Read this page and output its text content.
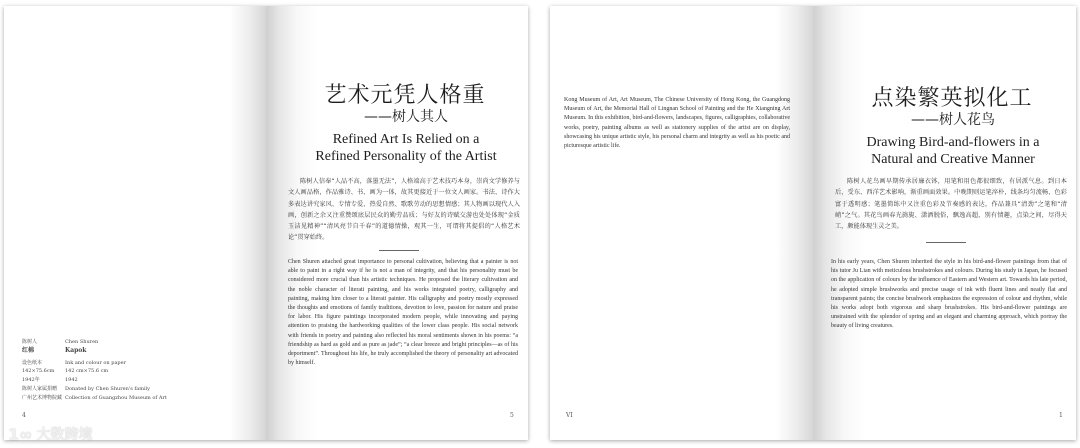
陈树人
红棉
设色纸本
142×75.6cm
1942年
陈树人家属捐赠
广州艺术博物院藏
Chen Shuren
Kapok
Ink and colour on paper
142 cm×75.6 cm
1942
Donated by Chen Shuren's family
Collection of Guangzhou Museum of Art
4
艺术元凭人格重
——树人其人
Refined Art Is Relied on a
Refined Personality of the Artist
陈树人信奉“人品不高，落墨无法”，人格端高于艺术技巧本身，崇尚文学修养与文人画品格，作品雅诗、书、画为一体，故其更接近于一位文人画家。书法、诗作大多表达讲究家风、专情专爱、热爱自然、歌歌劳动的思想情感；其人物画以现代人入画，创新之余又注重赞颂底层民众的勤劳品质；与好友的诗赋交游也处处体现“金质玉洁见精神”“清风亮节自千春”的道德情操，观其一生，可谓将其提倡的“人格艺术论”贯穿始终。
Chen Shuren attached great importance to personal cultivation, believing that a painter is not able to paint in a right way if he is not a man of integrity, and that his personality must be considered more crucial than his artistic techniques. He proposed the literary cultivation and the noble character of literati painting, and his works integrated poetry, calligraphy and painting, making him closer to a literati painter. His calligraphy and poetry mostly expressed the thoughts and emotions of family traditions, devotion to love, passion for nature and praise for labor. His figure paintings incorporated modern people, while innovating and paying attention to praising the hardworking qualities of the lower class people. His social network with friends in poetry and painting also reflected his moral sentiments shown in his poems: “a friendship as hard as gold and as pure as jade”; “a clear breeze and bright principles—as of his deportment”. Throughout his life, he truly accomplished the theory of personality art advocated by himself.
5
Kong Museum of Art, Art Museum, The Chinese University of Hong Kong, the Guangdong Museum of Art, the Memorial Hall of Lingnan School of Painting and the He Xiangning Art Museum. In this exhibition, bird-and-flowers, landscapes, figures, calligraphies, collaborative works, poetry, painting albums as well as stationery supplies of the artist are on display, showcasing his unique artistic style, his personal charm and integrity as well as his poetic and picturesque artistic life.
VI
点染繁英拟化工
——树人花鸟
Drawing Bird-and-flowers in a
Natural and Creative Manner
陈树人花鸟画早期传承居廉衣钵，用笔和用色都很细致，有居派气息。到日本后，受东、西洋艺术影响，渐重画面效果。中晚期则运笔淬朴，线条均匀流畅，色彩富于透明感；笔墨简练中又注重色彩及节奏感的表达，作品兼具“清劲”之笔和“清峭”之气。其花鸟画春光旖旎、潇洒脱俗，飘逸高超，别有情趣，点染之间，尽得天工，颇能体现生灵之美。
In his early years, Chen Shuren inherited the style in his bird-and-flower paintings from that of his tutor Ju Lian with meticulous brushstrokes and colours. During his study in Japan, he focused on the application of colours by the influence of Eastern and Western art. Towards his late period, he adopted simple brushworks and precise usage of ink with fluent lines and neatly flat and transparent paints; the concise brushwork emphasizes the expression of colour and rhythm, while his works adopt both vigorous and sharp brushstrokes. His bird-and-flower paintings are unstrained with the splendor of spring and an elegant and charming approach, which portray the beauty of living creatures.
1
1∞ 大数跨境
